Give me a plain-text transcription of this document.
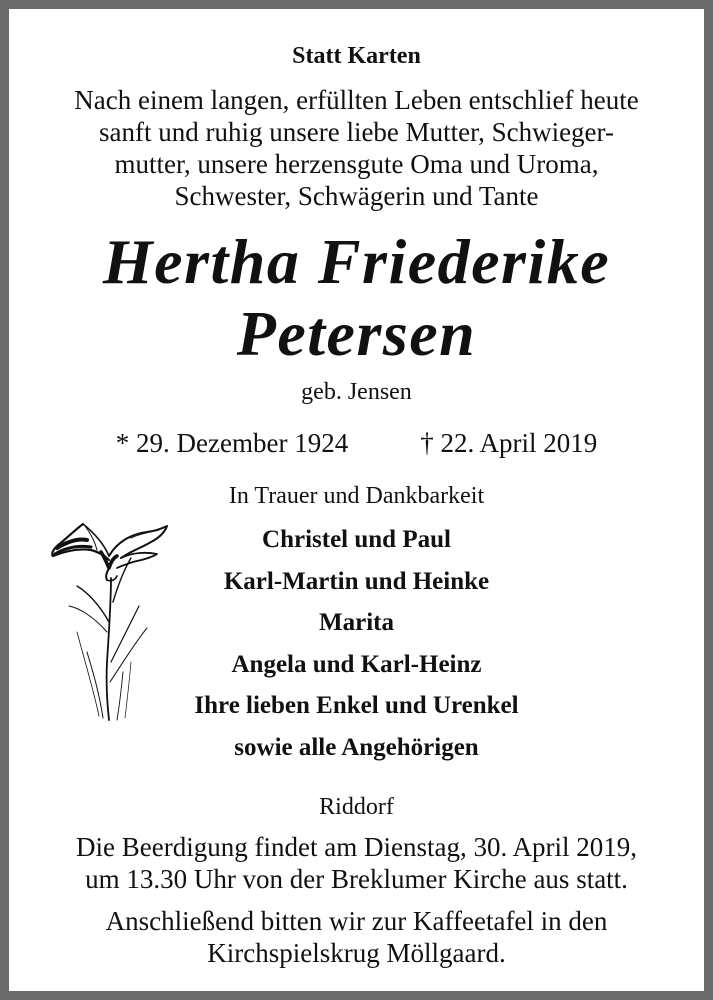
Statt Karten
Nach einem langen, erfüllten Leben entschlief heute
sanft und ruhig unsere liebe Mutter, Schwieger-
mutter, unsere herzensgute Oma und Uroma,
Schwester, Schwägerin und Tante
Hertha Friederike
Petersen
geb. Jensen
* 29. Dezember 1924	† 22. April 2019
In Trauer und Dankbarkeit
Christel und Paul
Karl-Martin und Heinke
Marita
Angela und Karl-Heinz
Ihre lieben Enkel und Urenkel
sowie alle Angehörigen
Riddorf
Die Beerdigung findet am Dienstag, 30. April 2019,
um 13.30 Uhr von der Breklumer Kirche aus statt.
Anschließend bitten wir zur Kaffeetafel in den
Kirchspielskrug Möllgaard.
